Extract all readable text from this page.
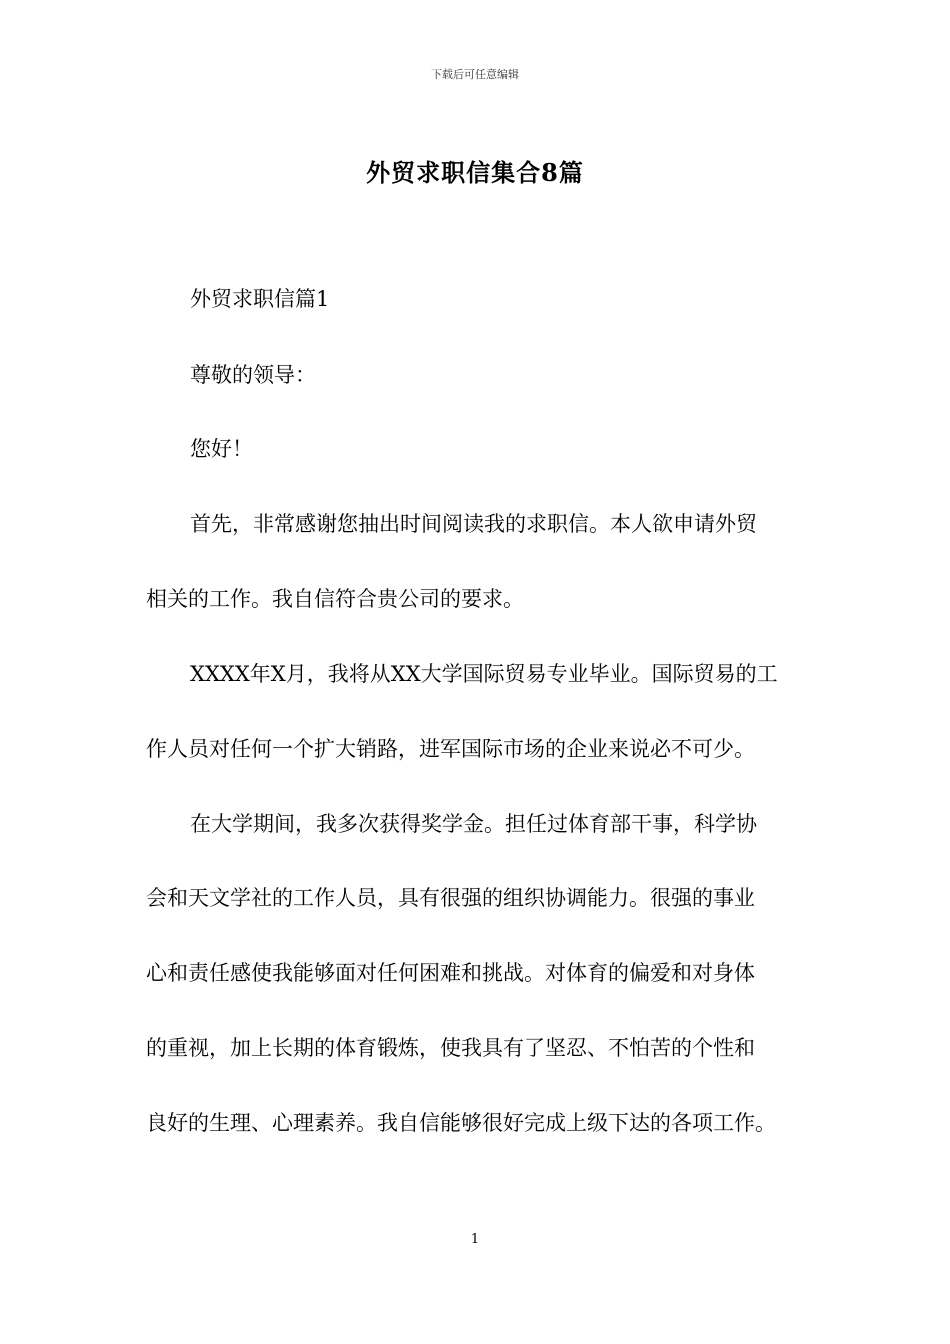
下载后可任意编辑
外贸求职信集合8篇
外贸求职信篇1
尊敬的领导：
您好！
首先，非常感谢您抽出时间阅读我的求职信。本人欲申请外贸
相关的工作。我自信符合贵公司的要求。
XXXX年X月，我将从XX大学国际贸易专业毕业。国际贸易的工
作人员对任何一个扩大销路，进军国际市场的企业来说必不可少。
在大学期间，我多次获得奖学金。担任过体育部干事，科学协
会和天文学社的工作人员，具有很强的组织协调能力。很强的事业
心和责任感使我能够面对任何困难和挑战。对体育的偏爱和对身体
的重视，加上长期的体育锻炼，使我具有了坚忍、不怕苦的个性和
良好的生理、心理素养。我自信能够很好完成上级下达的各项工作。
1
